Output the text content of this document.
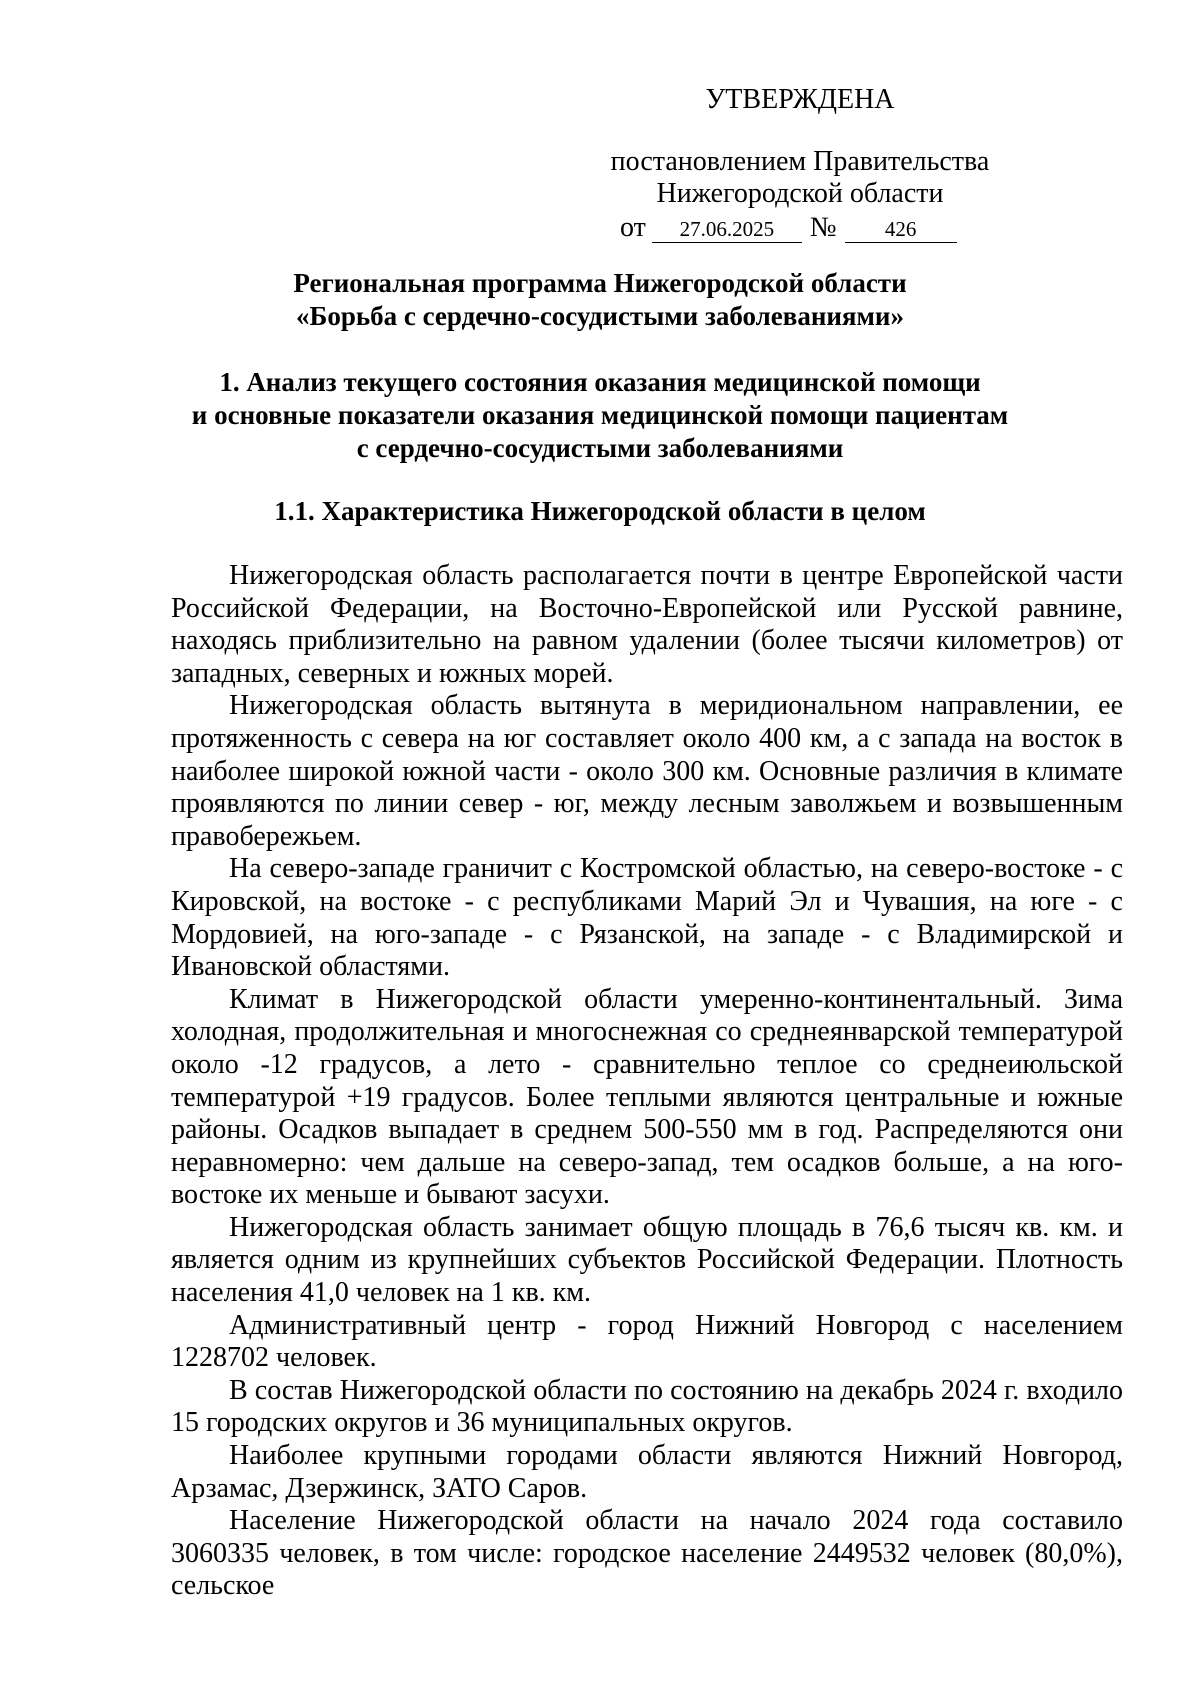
УТВЕРЖДЕНА
постановлением Правительства
Нижегородской области
от 27.06.2025 № 426
Региональная программа Нижегородской области
«Борьба с сердечно-сосудистыми заболеваниями»
1. Анализ текущего состояния оказания медицинской помощи
и основные показатели оказания медицинской помощи пациентам
с сердечно-сосудистыми заболеваниями
1.1. Характеристика Нижегородской области в целом

Нижегородская область располагается почти в центре Европейской части Российской Федерации, на Восточно-Европейской или Русской равнине, находясь приблизительно на равном удалении (более тысячи километров) от западных, северных и южных морей.

Нижегородская область вытянута в меридиональном направлении, ее протяженность с севера на юг составляет около 400 км, а с запада на восток в наиболее широкой южной части - около 300 км. Основные различия в климате проявляются по линии север - юг, между лесным заволжьем и возвышенным правобережьем.

На северо-западе граничит с Костромской областью, на северо-востоке - с Кировской, на востоке - с республиками Марий Эл и Чувашия, на юге - с Мордовией, на юго-западе - с Рязанской, на западе - с Владимирской и Ивановской областями.

Климат в Нижегородской области умеренно-континентальный. Зима холодная, продолжительная и многоснежная со среднеянварской температурой около -12 градусов, а лето - сравнительно теплое со среднеиюльской температурой +19 градусов. Более теплыми являются центральные и южные районы. Осадков выпадает в среднем 500-550 мм в год. Распределяются они неравномерно: чем дальше на северо-запад, тем осадков больше, а на юго-востоке их меньше и бывают засухи.

Нижегородская область занимает общую площадь в 76,6 тысяч кв. км. и является одним из крупнейших субъектов Российской Федерации. Плотность населения 41,0 человек на 1 кв. км.

Административный центр - город Нижний Новгород с населением 1228702 человек.

В состав Нижегородской области по состоянию на декабрь 2024 г. входило 15 городских округов и 36 муниципальных округов.

Наиболее крупными городами области являются Нижний Новгород, Арзамас, Дзержинск, ЗАТО Саров.

Население Нижегородской области на начало 2024 года составило 3060335 человек, в том числе: городское население 2449532 человек (80,0%), сельское
